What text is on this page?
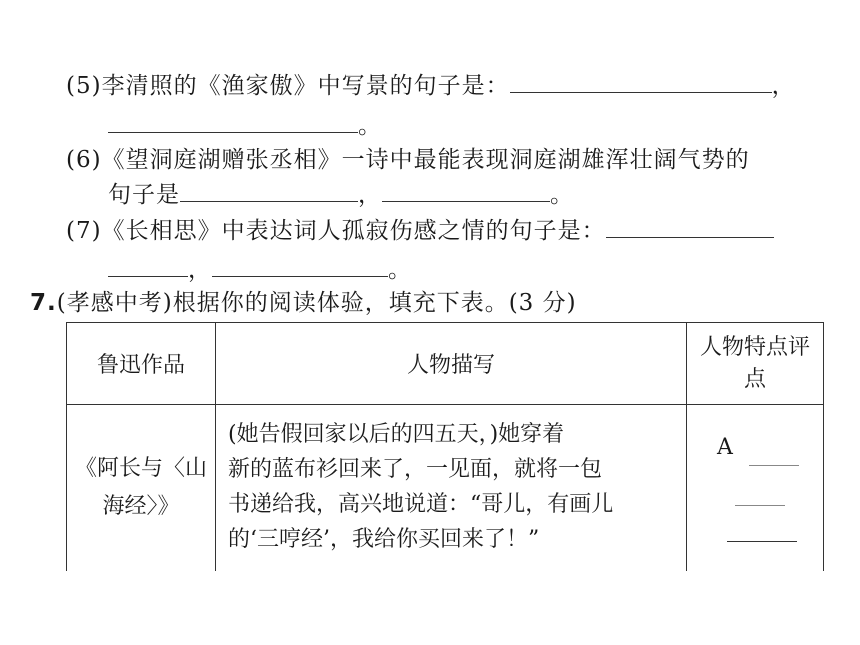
(5)李清照的《渔家傲》中写景的句子是：	，
。
(6)《望洞庭湖赠张丞相》一诗中最能表现洞庭湖雄浑壮阔气势的
句子是	，	。
(7)《长相思》中表达词人孤寂伤感之情的句子是：
，	。
7.(孝感中考)根据你的阅读体验，填充下表。(3 分)
鲁迅作品	人物描写	人物特点评点
《阿长与〈山海经〉》	(她告假回家以后的四五天，)她穿着
新的蓝布衫回来了，一见面，就将一包
书递给我，高兴地说道：“哥儿，有画儿
的‘三哼经’，我给你买回来了！”	A
